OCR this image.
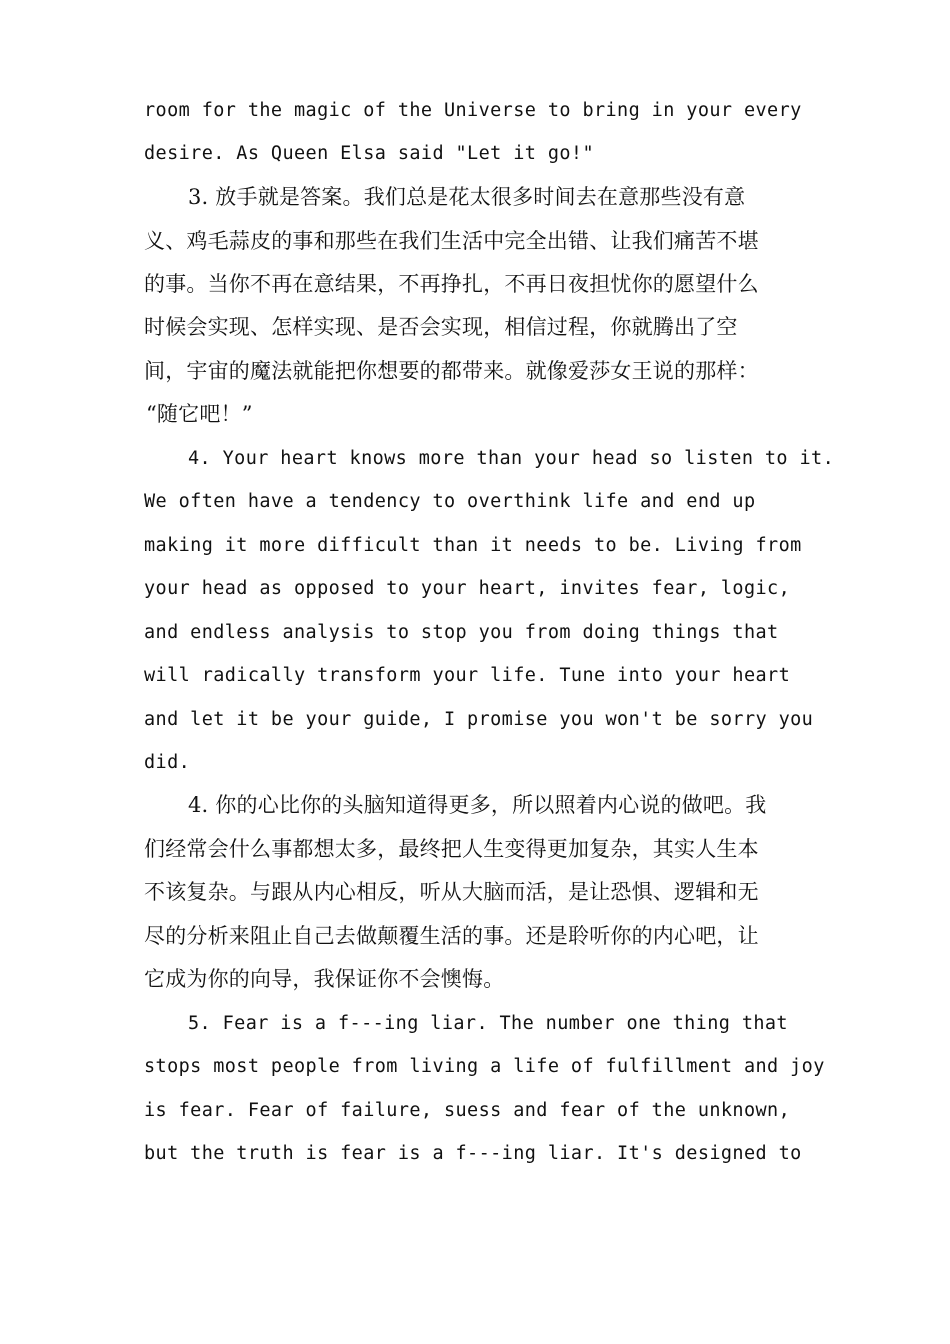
room for the magic of the Universe to bring in your every
desire. As Queen Elsa said "Let it go!"
3. 放手就是答案。我们总是花太很多时间去在意那些没有意
义、鸡毛蒜皮的事和那些在我们生活中完全出错、让我们痛苦不堪
的事。当你不再在意结果，不再挣扎，不再日夜担忧你的愿望什么
时候会实现、怎样实现、是否会实现，相信过程，你就腾出了空
间，宇宙的魔法就能把你想要的都带来。就像爱莎女王说的那样：
“随它吧！”
4. Your heart knows more than your head so listen to it.
We often have a tendency to overthink life and end up
making it more difficult than it needs to be. Living from
your head as opposed to your heart, invites fear, logic,
and endless analysis to stop you from doing things that
will radically transform your life. Tune into your heart
and let it be your guide, I promise you won't be sorry you
did.
4. 你的心比你的头脑知道得更多，所以照着内心说的做吧。我
们经常会什么事都想太多，最终把人生变得更加复杂，其实人生本
不该复杂。与跟从内心相反，听从大脑而活，是让恐惧、逻辑和无
尽的分析来阻止自己去做颠覆生活的事。还是聆听你的内心吧，让
它成为你的向导，我保证你不会懊悔。
5. Fear is a f---ing liar. The number one thing that
stops most people from living a life of fulfillment and joy
is fear. Fear of failure, suess and fear of the unknown,
but the truth is fear is a f---ing liar. It's designed to
